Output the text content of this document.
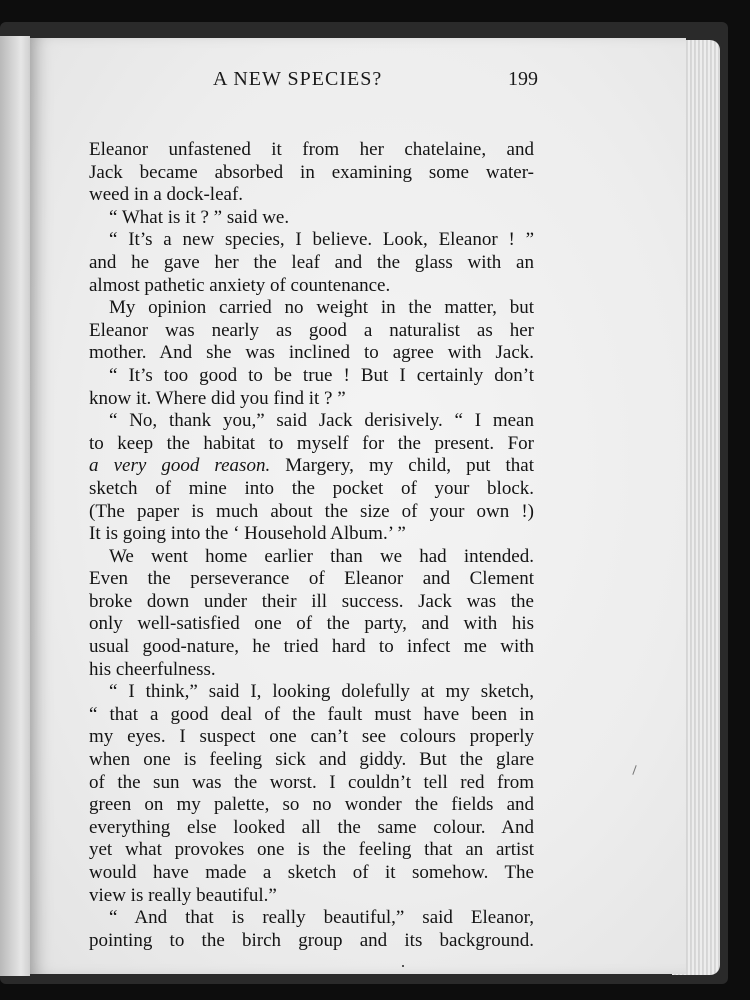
A NEW SPECIES?	199
Eleanor unfastened it from her chatelaine, and
Jack became absorbed in examining some water-
weed in a dock-leaf.
“ What is it ? ” said we.
“ It’s a new species, I believe. Look, Eleanor ! ”
and he gave her the leaf and the glass with an
almost pathetic anxiety of countenance.
My opinion carried no weight in the matter, but
Eleanor was nearly as good a naturalist as her
mother. And she was inclined to agree with Jack.
“ It’s too good to be true ! But I certainly don’t
know it. Where did you find it ? ”
“ No, thank you,” said Jack derisively. “ I mean
to keep the habitat to myself for the present. For
a very good reason. Margery, my child, put that
sketch of mine into the pocket of your block.
(The paper is much about the size of your own !)
It is going into the ‘ Household Album.’ ”
We went home earlier than we had intended.
Even the perseverance of Eleanor and Clement
broke down under their ill success. Jack was the
only well-satisfied one of the party, and with his
usual good-nature, he tried hard to infect me with
his cheerfulness.
“ I think,” said I, looking dolefully at my sketch,
“ that a good deal of the fault must have been in
my eyes. I suspect one can’t see colours properly
when one is feeling sick and giddy. But the glare
of the sun was the worst. I couldn’t tell red from
green on my palette, so no wonder the fields and
everything else looked all the same colour. And
yet what provokes one is the feeling that an artist
would have made a sketch of it somehow. The
view is really beautiful.”
“ And that is really beautiful,” said Eleanor,
pointing to the birch group and its background.
